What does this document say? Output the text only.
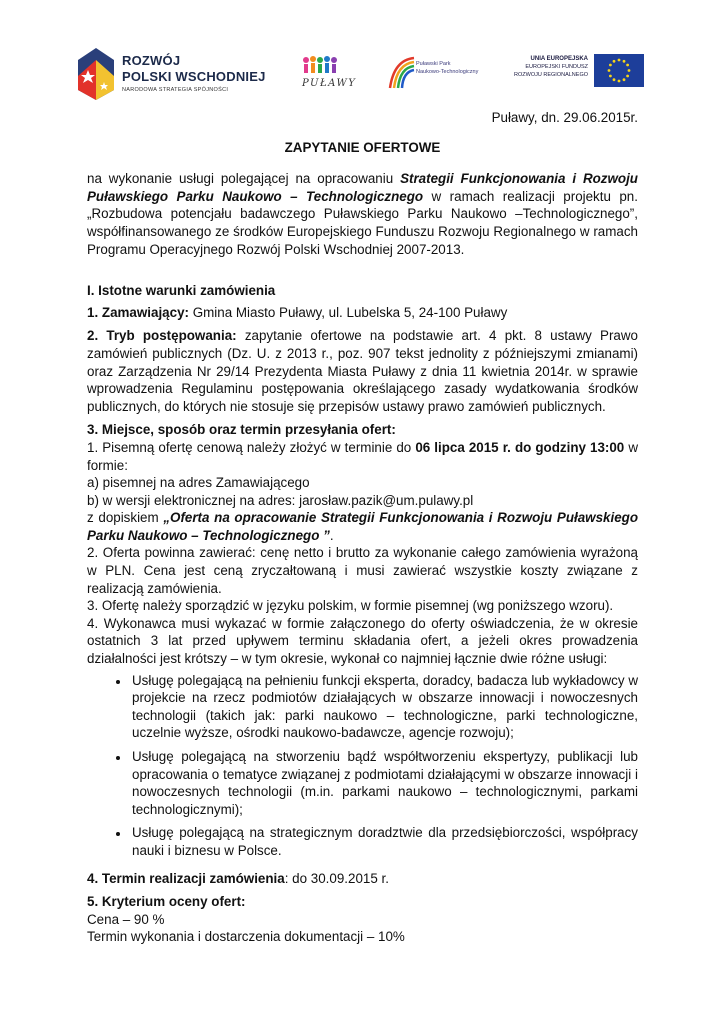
ROZWÓJ
POLSKI WSCHODNIEJ
NARODOWA STRATEGIA SPÓJNOŚCI
PUŁAWY
Puławski Park
Naukowo-Technologiczny
UNIA EUROPEJSKA
EUROPEJSKI FUNDUSZ
ROZWOJU REGIONALNEGO

Puławy, dn. 29.06.2015r.

ZAPYTANIE OFERTOWE

na wykonanie usługi polegającej na opracowaniu Strategii Funkcjonowania i Rozwoju Puławskiego Parku Naukowo – Technologicznego w ramach realizacji projektu pn. „Rozbudowa potencjału badawczego Puławskiego Parku Naukowo –Technologicznego”, współfinansowanego ze środków Europejskiego Funduszu Rozwoju Regionalnego w ramach Programu Operacyjnego Rozwój Polski Wschodniej 2007-2013.

I. Istotne warunki zamówienia

1. Zamawiający: Gmina Miasto Puławy, ul. Lubelska 5, 24-100 Puławy

2. Tryb postępowania: zapytanie ofertowe na podstawie art. 4 pkt. 8 ustawy Prawo zamówień publicznych (Dz. U. z 2013 r., poz. 907 tekst jednolity z późniejszymi zmianami) oraz Zarządzenia Nr 29/14 Prezydenta Miasta Puławy z dnia 11 kwietnia 2014r. w sprawie wprowadzenia Regulaminu postępowania określającego zasady wydatkowania środków publicznych, do których nie stosuje się przepisów ustawy prawo zamówień publicznych.

3. Miejsce, sposób oraz termin przesyłania ofert:

1. Pisemną ofertę cenową należy złożyć w terminie do 06 lipca 2015 r. do godziny 13:00 w formie:

a) pisemnej na adres Zamawiającego

b) w wersji elektronicznej na adres: jarosław.pazik@um.pulawy.pl

z dopiskiem „Oferta na opracowanie Strategii Funkcjonowania i Rozwoju Puławskiego Parku Naukowo – Technologicznego ”.

2. Oferta powinna zawierać: cenę netto i brutto za wykonanie całego zamówienia wyrażoną w PLN. Cena jest ceną zryczałtowaną i musi zawierać wszystkie koszty związane z realizacją zamówienia.

3. Ofertę należy sporządzić w języku polskim, w formie pisemnej (wg poniższego wzoru).

4. Wykonawca musi wykazać w formie załączonego do oferty oświadczenia, że w okresie ostatnich 3 lat przed upływem terminu składania ofert, a jeżeli okres prowadzenia działalności jest krótszy – w tym okresie, wykonał co najmniej łącznie dwie różne usługi:

• Usługę polegającą na pełnieniu funkcji eksperta, doradcy, badacza lub wykładowcy w projekcie na rzecz podmiotów działających w obszarze innowacji i nowoczesnych technologii (takich jak: parki naukowo – technologiczne, parki technologiczne, uczelnie wyższe, ośrodki naukowo-badawcze, agencje rozwoju);
• Usługę polegającą na stworzeniu bądź współtworzeniu ekspertyzy, publikacji lub opracowania o tematyce związanej z podmiotami działającymi w obszarze innowacji i nowoczesnych technologii (m.in. parkami naukowo – technologicznymi, parkami technologicznymi);
• Usługę polegającą na strategicznym doradztwie dla przedsiębiorczości, współpracy nauki i biznesu w Polsce.

4. Termin realizacji zamówienia: do 30.09.2015 r.

5. Kryterium oceny ofert:

Cena – 90 %

Termin wykonania i dostarczenia dokumentacji – 10%
